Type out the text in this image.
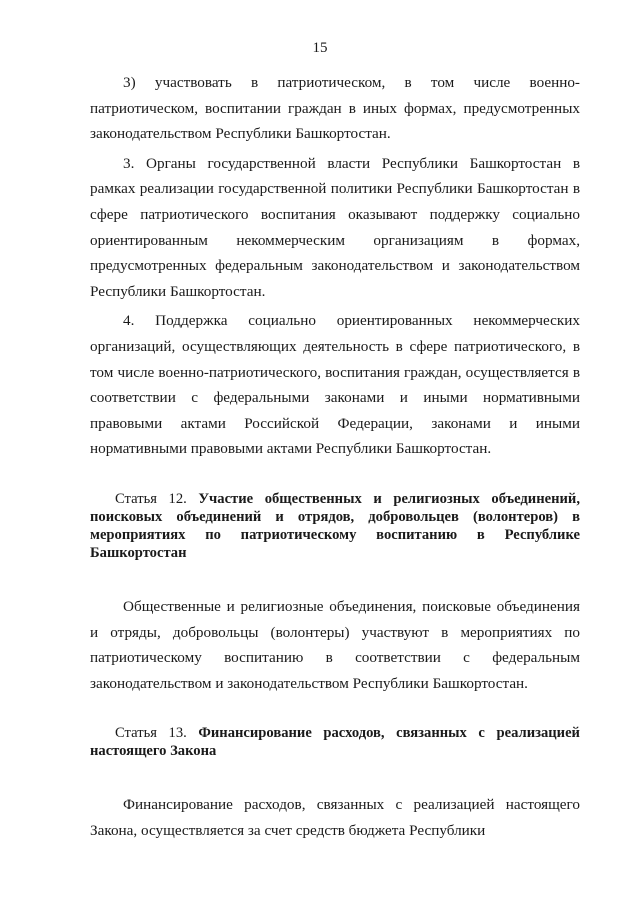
15

3) участвовать в патриотическом, в том числе военно-патриотическом, воспитании граждан в иных формах, предусмотренных законодательством Республики Башкортостан.

3. Органы государственной власти Республики Башкортостан в рамках реализации государственной политики Республики Башкортостан в сфере патриотического воспитания оказывают поддержку социально ориентированным некоммерческим организациям в формах, предусмотренных федеральным законодательством и законодательством Республики Башкортостан.

4. Поддержка социально ориентированных некоммерческих организаций, осуществляющих деятельность в сфере патриотического, в том числе военно-патриотического, воспитания граждан, осуществляется в соответствии с федеральными законами и иными нормативными правовыми актами Российской Федерации, законами и иными нормативными правовыми актами Республики Башкортостан.

Статья 12. Участие общественных и религиозных объединений, поисковых объединений и отрядов, добровольцев (волонтеров) в мероприятиях по патриотическому воспитанию в Республике Башкортостан

Общественные и религиозные объединения, поисковые объединения и отряды, добровольцы (волонтеры) участвуют в мероприятиях по патриотическому воспитанию в соответствии с федеральным законодательством и законодательством Республики Башкортостан.

Статья 13. Финансирование расходов, связанных с реализацией настоящего Закона

Финансирование расходов, связанных с реализацией настоящего Закона, осуществляется за счет средств бюджета Республики
